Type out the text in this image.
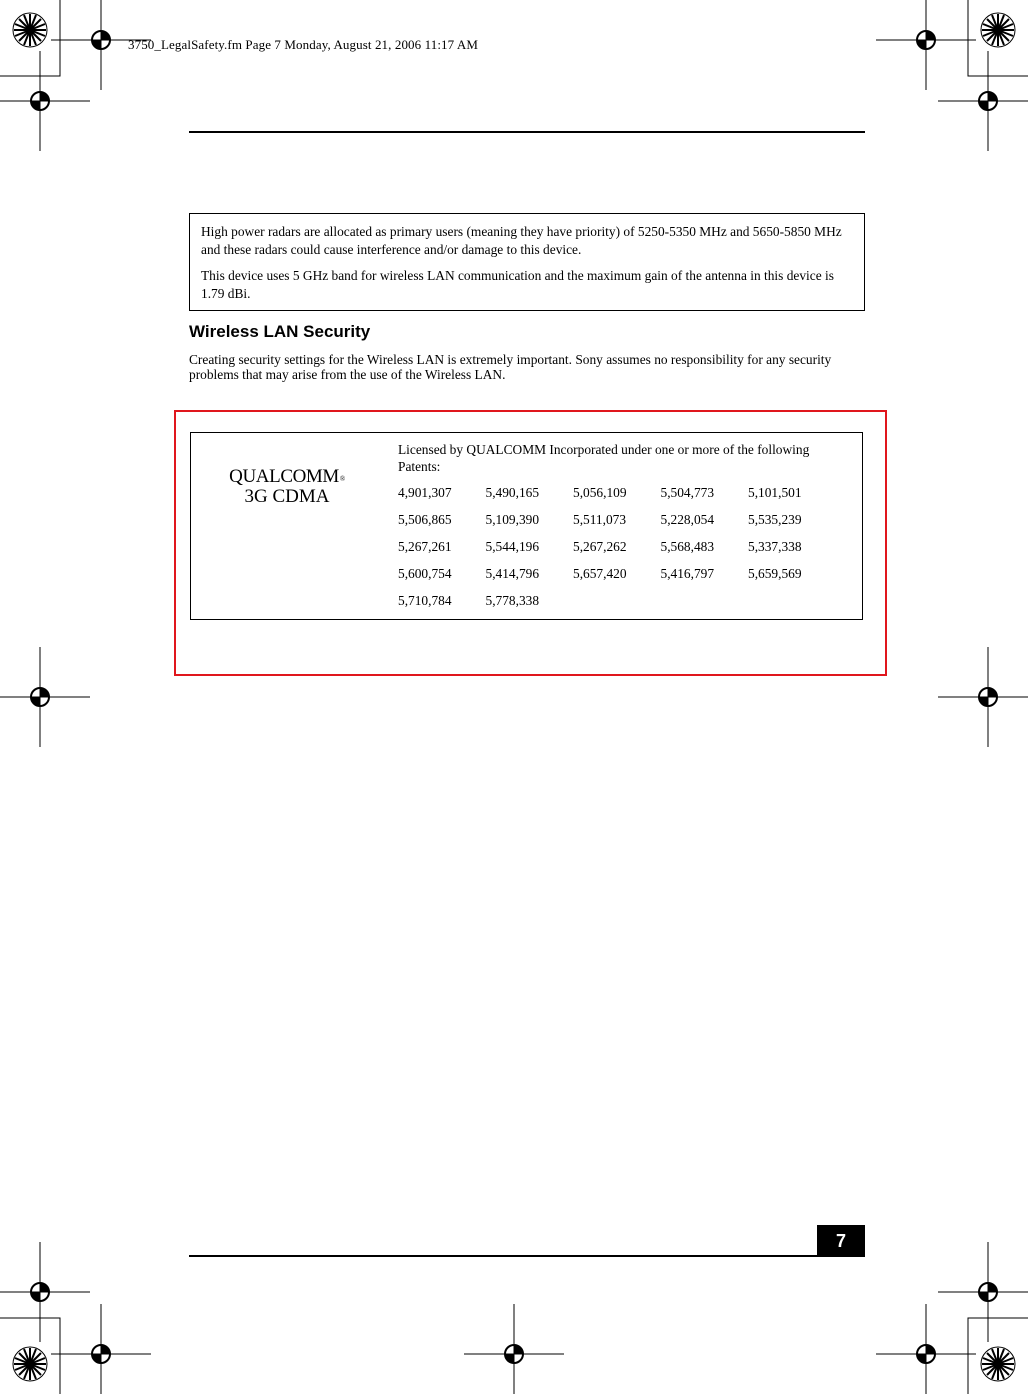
3750_LegalSafety.fm Page 7 Monday, August 21, 2006 11:17 AM
High power radars are allocated as primary users (meaning they have priority) of 5250-5350 MHz and 5650-5850 MHz and these radars could cause interference and/or damage to this device.
This device uses 5 GHz band for wireless LAN communication and the maximum gain of the antenna in this device is 1.79 dBi.
Wireless LAN Security
Creating security settings for the Wireless LAN is extremely important. Sony assumes no responsibility for any security problems that may arise from the use of the Wireless LAN.
QUALCOMM®
3G CDMA
Licensed by QUALCOMM Incorporated under one or more of the following Patents:
4,901,307	5,490,165	5,056,109	5,504,773	5,101,501
5,506,865	5,109,390	5,511,073	5,228,054	5,535,239
5,267,261	5,544,196	5,267,262	5,568,483	5,337,338
5,600,754	5,414,796	5,657,420	5,416,797	5,659,569
5,710,784	5,778,338
7
